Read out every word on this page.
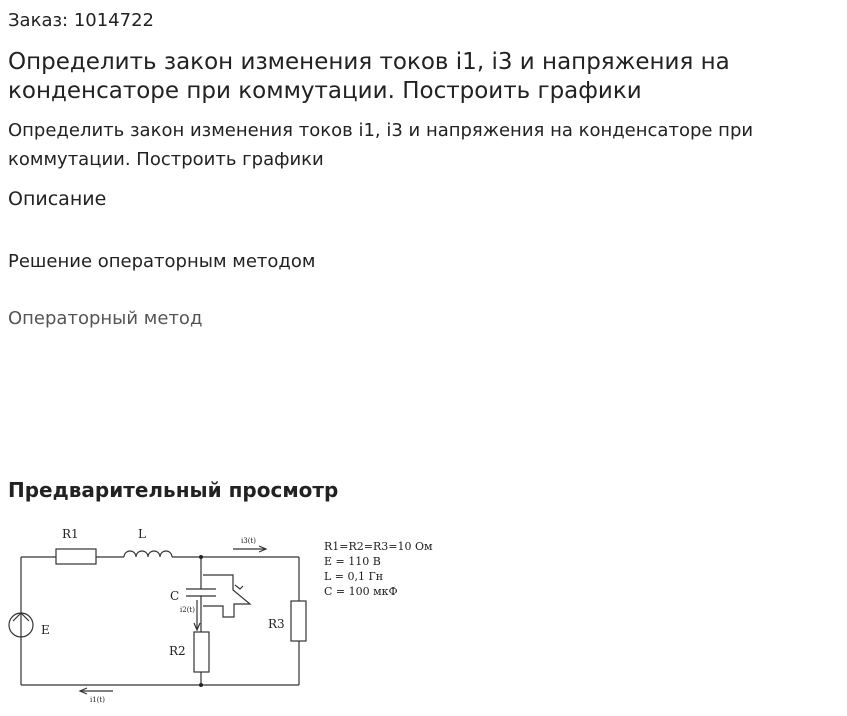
Заказ: 1014722
Определить закон изменения токов i1, i3 и напряжения на конденсаторе при коммутации. Построить графики

Определить закон изменения токов i1, i3 и напряжения на конденсаторе при коммутации. Построить графики

Описание
Решение операторным методом
Операторный метод
Предварительный просмотр
R1	L
C
R2
R3
E
i3(t)
i2(t)
i1(t)
R1=R2=R3=10 Ом
E = 110 В
L = 0,1 Гн
C = 100 мкФ
